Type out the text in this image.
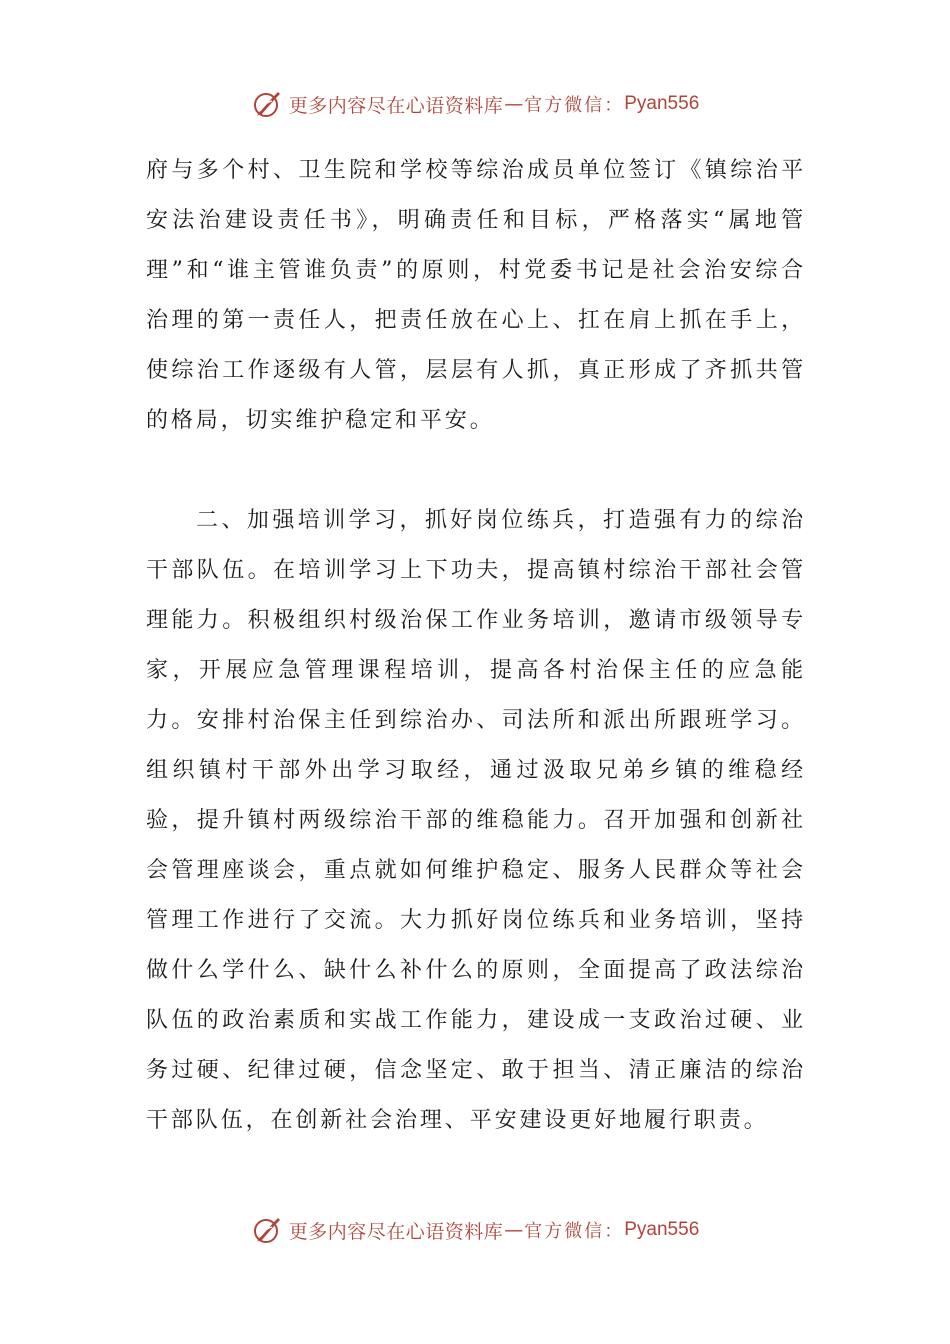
更多内容尽在心语资料库 — 官方微信： Pyan556

府与多个村、卫生院和学校等综治成员单位签订《镇综治平安法治建设责任书》，明确责任和目标，严格落实“属地管理”和“谁主管谁负责”的原则，村党委书记是社会治安综合治理的第一责任人，把责任放在心上、扛在肩上抓在手上，使综治工作逐级有人管，层层有人抓，真正形成了齐抓共管的格局，切实维护稳定和平安。

二、加强培训学习，抓好岗位练兵，打造强有力的综治干部队伍。在培训学习上下功夫，提高镇村综治干部社会管理能力。积极组织村级治保工作业务培训，邀请市级领导专家，开展应急管理课程培训，提高各村治保主任的应急能力。安排村治保主任到综治办、司法所和派出所跟班学习。组织镇村干部外出学习取经，通过汲取兄弟乡镇的维稳经验，提升镇村两级综治干部的维稳能力。召开加强和创新社会管理座谈会，重点就如何维护稳定、服务人民群众等社会管理工作进行了交流。大力抓好岗位练兵和业务培训，坚持做什么学什么、缺什么补什么的原则，全面提高了政法综治队伍的政治素质和实战工作能力，建设成一支政治过硬、业务过硬、纪律过硬，信念坚定、敢于担当、清正廉洁的综治干部队伍，在创新社会治理、平安建设更好地履行职责。

更多内容尽在心语资料库 — 官方微信： Pyan556
